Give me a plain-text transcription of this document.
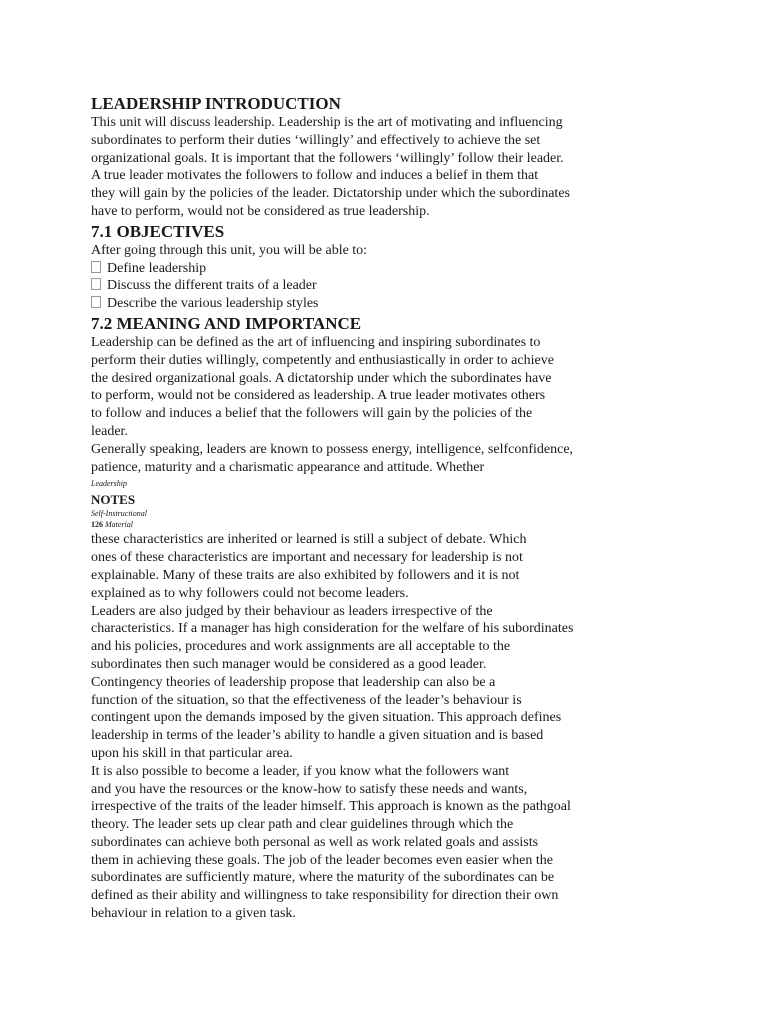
LEADERSHIP INTRODUCTION

This unit will discuss leadership. Leadership is the art of motivating and influencing

subordinates to perform their duties ‘willingly’ and effectively to achieve the set

organizational goals. It is important that the followers ‘willingly’ follow their leader.

A true leader motivates the followers to follow and induces a belief in them that

they will gain by the policies of the leader. Dictatorship under which the subordinates

have to perform, would not be considered as true leadership.

7.1 OBJECTIVES

After going through this unit, you will be able to:

Define leadership

Discuss the different traits of a leader

Describe the various leadership styles

7.2 MEANING AND IMPORTANCE

Leadership can be defined as the art of influencing and inspiring subordinates to

perform their duties willingly, competently and enthusiastically in order to achieve

the desired organizational goals. A dictatorship under which the subordinates have

to perform, would not be considered as leadership. A true leader motivates others

to follow and induces a belief that the followers will gain by the policies of the

leader.

Generally speaking, leaders are known to possess energy, intelligence, selfconfidence,

patience, maturity and a charismatic appearance and attitude. Whether

Leadership

NOTES

Self-Instructional

126 Material

these characteristics are inherited or learned is still a subject of debate. Which

ones of these characteristics are important and necessary for leadership is not

explainable. Many of these traits are also exhibited by followers and it is not

explained as to why followers could not become leaders.

Leaders are also judged by their behaviour as leaders irrespective of the

characteristics. If a manager has high consideration for the welfare of his subordinates

and his policies, procedures and work assignments are all acceptable to the

subordinates then such manager would be considered as a good leader.

Contingency theories of leadership propose that leadership can also be a

function of the situation, so that the effectiveness of the leader’s behaviour is

contingent upon the demands imposed by the given situation. This approach defines

leadership in terms of the leader’s ability to handle a given situation and is based

upon his skill in that particular area.

It is also possible to become a leader, if you know what the followers want

and you have the resources or the know-how to satisfy these needs and wants,

irrespective of the traits of the leader himself. This approach is known as the pathgoal

theory. The leader sets up clear path and clear guidelines through which the

subordinates can achieve both personal as well as work related goals and assists

them in achieving these goals. The job of the leader becomes even easier when the

subordinates are sufficiently mature, where the maturity of the subordinates can be

defined as their ability and willingness to take responsibility for direction their own

behaviour in relation to a given task.
